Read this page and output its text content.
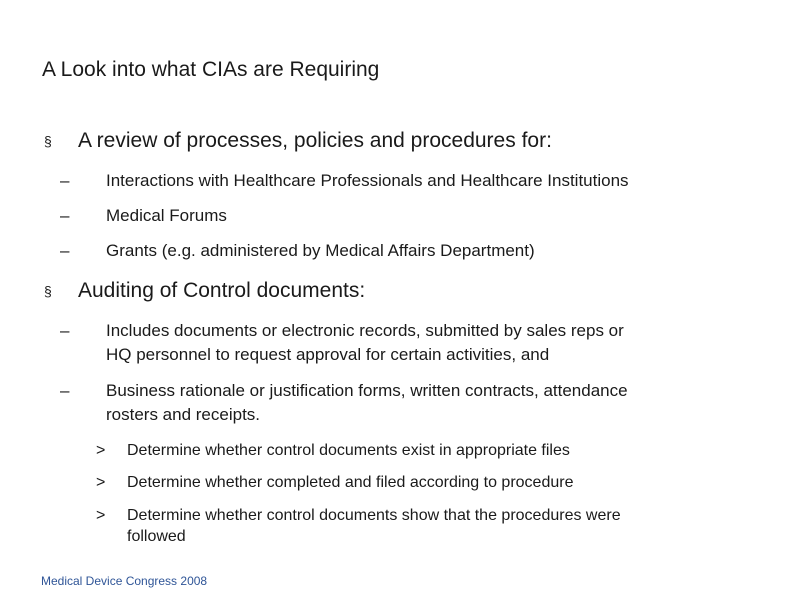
A Look into what CIAs are Requiring
§ A review of processes, policies and procedures for:
– Interactions with Healthcare Professionals and Healthcare Institutions
– Medical Forums
– Grants (e.g. administered by Medical Affairs Department)
§ Auditing of Control documents:
– Includes documents or electronic records, submitted by sales reps or
HQ personnel to request approval for certain activities, and
– Business rationale or justification forms, written contracts, attendance
rosters and receipts.
> Determine whether control documents exist in appropriate files
> Determine whether completed and filed according to procedure
> Determine whether control documents show that the procedures were
followed
Medical Device Congress 2008
